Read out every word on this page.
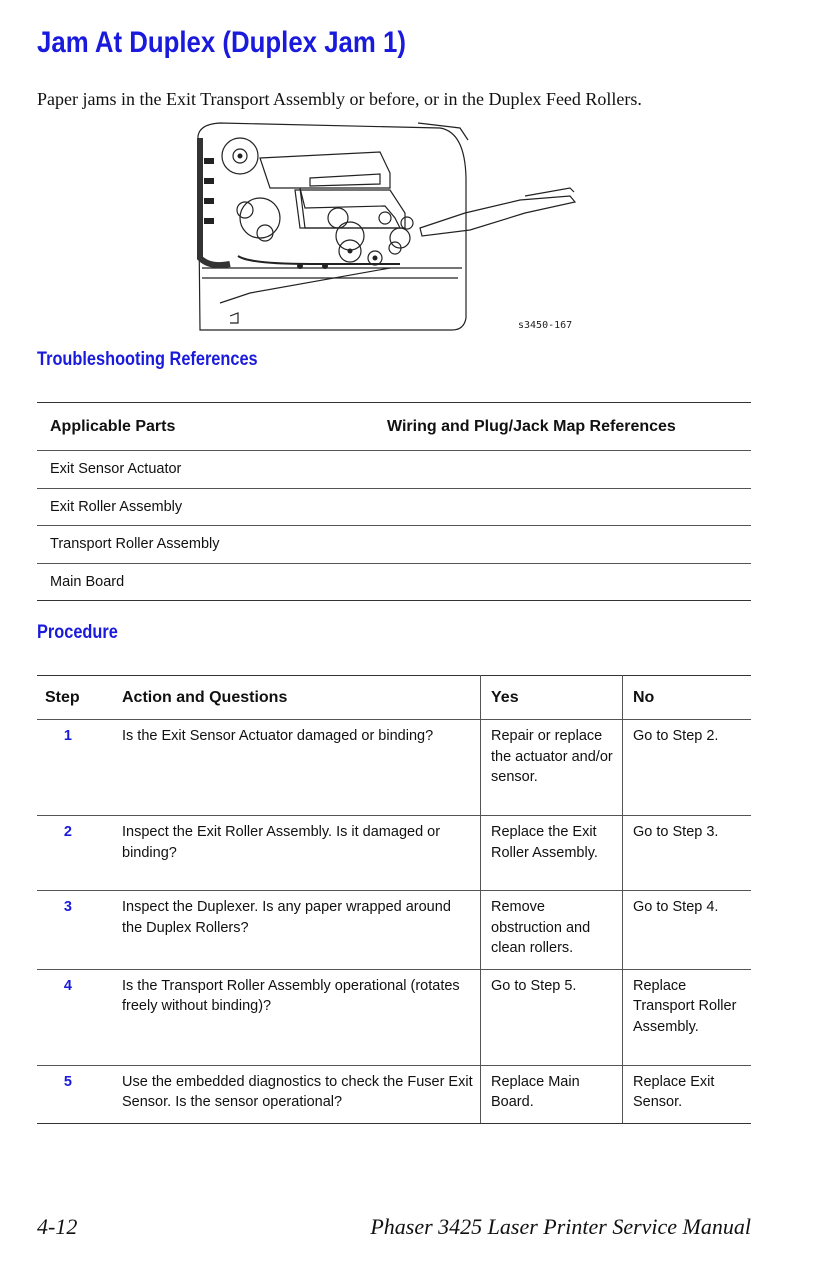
Jam At Duplex (Duplex Jam 1)

Paper jams in the Exit Transport Assembly or before, or in the Duplex Feed Rollers.

s3450-167
Troubleshooting References
Applicable Parts	Wiring and Plug/Jack Map References
Exit Sensor Actuator	
Exit Roller Assembly	
Transport Roller Assembly	
Main Board	
Procedure
Step	Action and Questions	Yes	No
1	Is the Exit Sensor Actuator damaged or binding?	Repair or replace the actuator and/or sensor.	Go to Step 2.
2	Inspect the Exit Roller Assembly. Is it damaged or binding?	Replace the Exit Roller Assembly.	Go to Step 3.
3	Inspect the Duplexer. Is any paper wrapped around the Duplex Rollers?	Remove obstruction and clean rollers.	Go to Step 4.
4	Is the Transport Roller Assembly operational (rotates freely without binding)?	Go to Step 5.	Replace Transport Roller Assembly.
5	Use the embedded diagnostics to check the Fuser Exit Sensor. Is the sensor operational?	Replace Main Board.	Replace Exit Sensor.

4-12	Phaser 3425 Laser Printer Service Manual
